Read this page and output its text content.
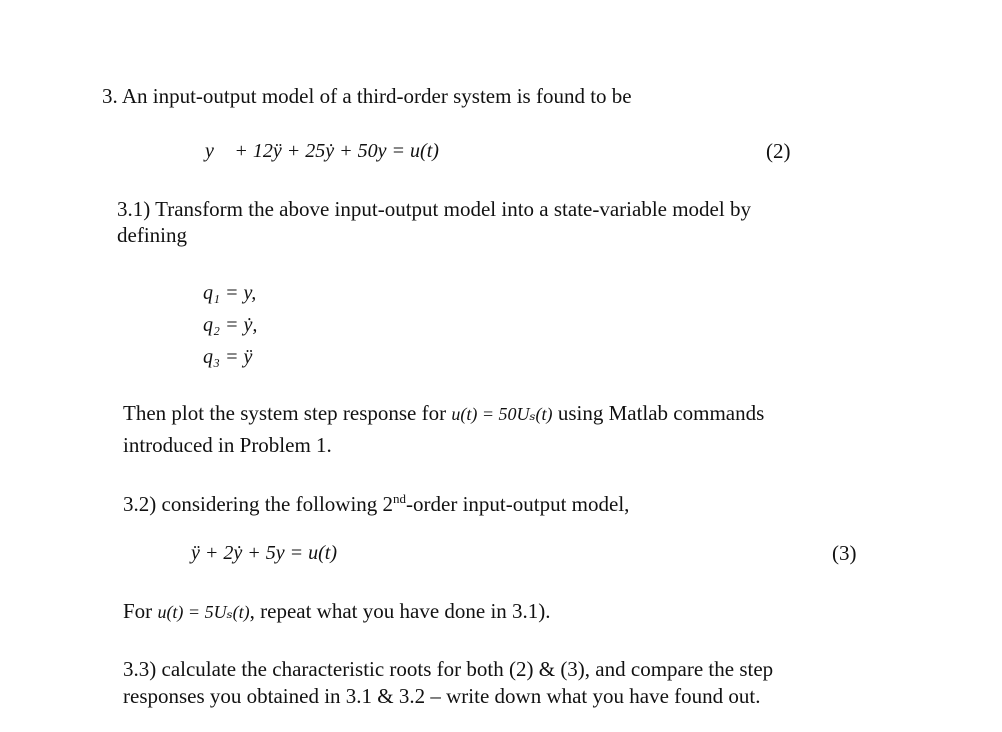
3. An input-output model of a third-order system is found to be
y⃛ + 12ÿ + 25ẏ + 50y = u(t)	(2)
3.1) Transform the above input-output model into a state-variable model by
defining
q₁ = y,
q₂ = ẏ,
q₃ = ÿ
Then plot the system step response for u(t) = 50Uₛ(t) using Matlab commands
introduced in Problem 1.
3.2) considering the following 2nd-order input-output model,
ÿ + 2ẏ + 5y = u(t)	(3)
For u(t) = 5Uₛ(t), repeat what you have done in 3.1).
3.3) calculate the characteristic roots for both (2) & (3), and compare the step
responses you obtained in 3.1 & 3.2 – write down what you have found out.
